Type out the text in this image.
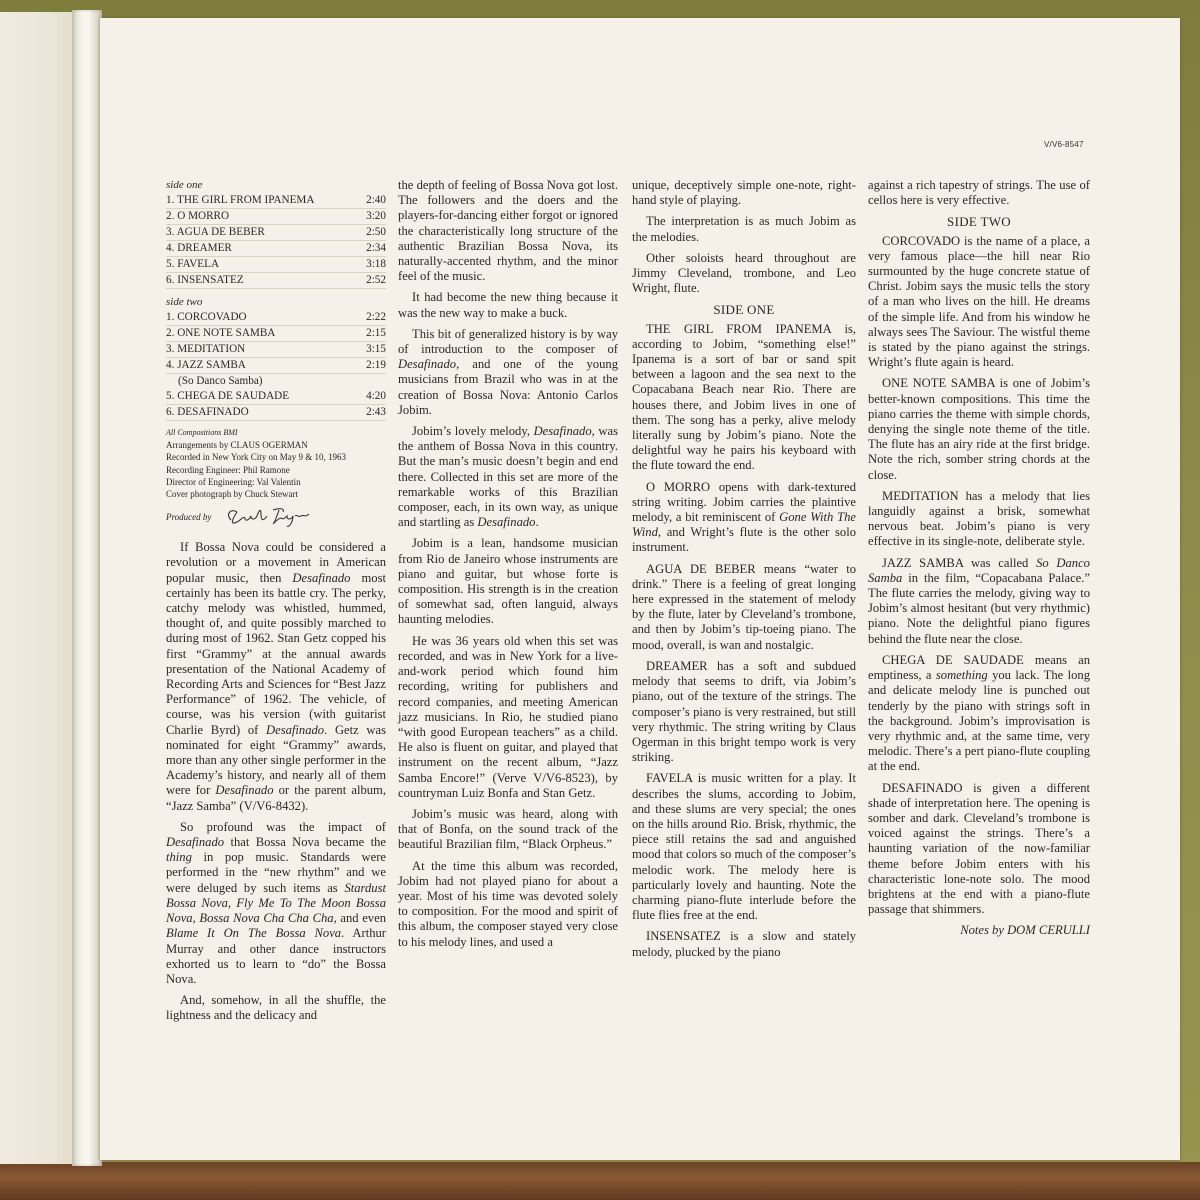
V/V6-8547

side one

1. THE GIRL FROM IPANEMA	2:40
2. O MORRO	3:20
3. AGUA DE BEBER	2:50
4. DREAMER	2:34
5. FAVELA	3:18
6. INSENSATEZ	2:52

side two

1. CORCOVADO	2:22
2. ONE NOTE SAMBA	2:15
3. MEDITATION	3:15
4. JAZZ SAMBA	2:19
(So Danco Samba)
5. CHEGA DE SAUDADE	4:20
6. DESAFINADO	2:43
All Compositions BMI
Arrangements by CLAUS OGERMAN
Recorded in New York City on May 9 & 10, 1963
Recording Engineer: Phil Ramone
Director of Engineering: Val Valentin
Cover photograph by Chuck Stewart
Produced by

If Bossa Nova could be considered a revolution or a movement in American popular music, then Desafinado most certainly has been its battle cry. The perky, catchy melody was whistled, hummed, thought of, and quite possibly marched to during most of 1962. Stan Getz copped his first “Grammy” at the annual awards presentation of the National Academy of Recording Arts and Sciences for “Best Jazz Performance” of 1962. The vehicle, of course, was his version (with guitarist Charlie Byrd) of Desafinado. Getz was nominated for eight “Grammy” awards, more than any other single performer in the Academy’s history, and nearly all of them were for Desafinado or the parent album, “Jazz Samba” (V/V6-8432).

So profound was the impact of Desafinado that Bossa Nova became the thing in pop music. Standards were performed in the “new rhythm” and we were deluged by such items as Stardust Bossa Nova, Fly Me To The Moon Bossa Nova, Bossa Nova Cha Cha Cha, and even Blame It On The Bossa Nova. Arthur Murray and other dance instructors exhorted us to learn to “do” the Bossa Nova.

And, somehow, in all the shuffle, the lightness and the delicacy and

the depth of feeling of Bossa Nova got lost. The followers and the doers and the players-for-dancing either forgot or ignored the characteristically long structure of the authentic Brazilian Bossa Nova, its naturally-accented rhythm, and the minor feel of the music.

It had become the new thing because it was the new way to make a buck.

This bit of generalized history is by way of introduction to the composer of Desafinado, and one of the young musicians from Brazil who was in at the creation of Bossa Nova: Antonio Carlos Jobim.

Jobim’s lovely melody, Desafinado, was the anthem of Bossa Nova in this country. But the man’s music doesn’t begin and end there. Collected in this set are more of the remarkable works of this Brazilian composer, each, in its own way, as unique and startling as Desafinado.

Jobim is a lean, handsome musician from Rio de Janeiro whose instruments are piano and guitar, but whose forte is composition. His strength is in the creation of somewhat sad, often languid, always haunting melodies.

He was 36 years old when this set was recorded, and was in New York for a live-and-work period which found him recording, writing for publishers and record companies, and meeting American jazz musicians. In Rio, he studied piano “with good European teachers” as a child. He also is fluent on guitar, and played that instrument on the recent album, “Jazz Samba Encore!” (Verve V/V6-8523), by countryman Luiz Bonfa and Stan Getz.

Jobim’s music was heard, along with that of Bonfa, on the sound track of the beautiful Brazilian film, “Black Orpheus.”

At the time this album was recorded, Jobim had not played piano for about a year. Most of his time was devoted solely to composition. For the mood and spirit of this album, the composer stayed very close to his melody lines, and used a

unique, deceptively simple one-note, right-hand style of playing.

The interpretation is as much Jobim as the melodies.

Other soloists heard throughout are Jimmy Cleveland, trombone, and Leo Wright, flute.

SIDE ONE

THE GIRL FROM IPANEMA is, according to Jobim, “something else!” Ipanema is a sort of bar or sand spit between a lagoon and the sea next to the Copacabana Beach near Rio. There are houses there, and Jobim lives in one of them. The song has a perky, alive melody literally sung by Jobim’s piano. Note the delightful way he pairs his keyboard with the flute toward the end.

O MORRO opens with dark-textured string writing. Jobim carries the plaintive melody, a bit reminiscent of Gone With The Wind, and Wright’s flute is the other solo instrument.

AGUA DE BEBER means “water to drink.” There is a feeling of great longing here expressed in the statement of melody by the flute, later by Cleveland’s trombone, and then by Jobim’s tip-toeing piano. The mood, overall, is wan and nostalgic.

DREAMER has a soft and subdued melody that seems to drift, via Jobim’s piano, out of the texture of the strings. The composer’s piano is very restrained, but still very rhythmic. The string writing by Claus Ogerman in this bright tempo work is very striking.

FAVELA is music written for a play. It describes the slums, according to Jobim, and these slums are very special; the ones on the hills around Rio. Brisk, rhythmic, the piece still retains the sad and anguished mood that colors so much of the composer’s melodic work. The melody here is particularly lovely and haunting. Note the charming piano-flute interlude before the flute flies free at the end.

INSENSATEZ is a slow and stately melody, plucked by the piano

against a rich tapestry of strings. The use of cellos here is very effective.

SIDE TWO

CORCOVADO is the name of a place, a very famous place—the hill near Rio surmounted by the huge concrete statue of Christ. Jobim says the music tells the story of a man who lives on the hill. He dreams of the simple life. And from his window he always sees The Saviour. The wistful theme is stated by the piano against the strings. Wright’s flute again is heard.

ONE NOTE SAMBA is one of Jobim’s better-known compositions. This time the piano carries the theme with simple chords, denying the single note theme of the title. The flute has an airy ride at the first bridge. Note the rich, somber string chords at the close.

MEDITATION has a melody that lies languidly against a brisk, somewhat nervous beat. Jobim’s piano is very effective in its single-note, deliberate style.

JAZZ SAMBA was called So Danco Samba in the film, “Copacabana Palace.” The flute carries the melody, giving way to Jobim’s almost hesitant (but very rhythmic) piano. Note the delightful piano figures behind the flute near the close.

CHEGA DE SAUDADE means an emptiness, a something you lack. The long and delicate melody line is punched out tenderly by the piano with strings soft in the background. Jobim’s improvisation is very rhythmic and, at the same time, very melodic. There’s a pert piano-flute coupling at the end.

DESAFINADO is given a different shade of interpretation here. The opening is somber and dark. Cleveland’s trombone is voiced against the strings. There’s a haunting variation of the now-familiar theme before Jobim enters with his characteristic lone-note solo. The mood brightens at the end with a piano-flute passage that shimmers.

Notes by DOM CERULLI
